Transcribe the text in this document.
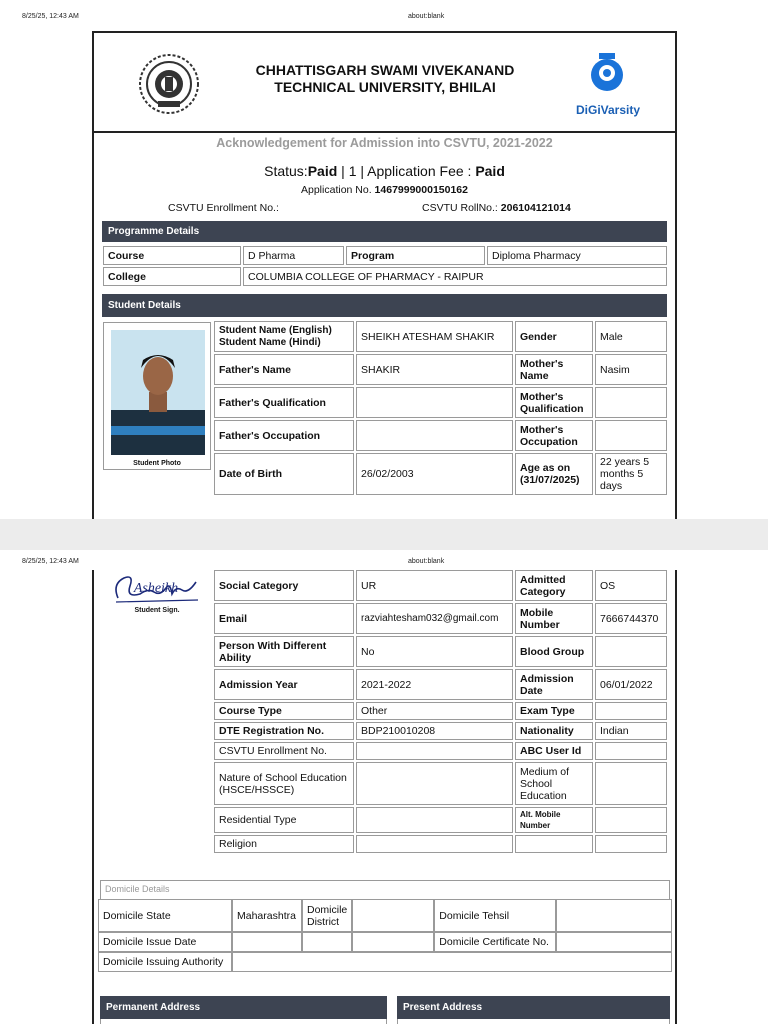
8/25/25, 12:43 AM	about:blank
DiGiVarsity
CHHATTISGARH SWAMI VIVEKANAND
TECHNICAL UNIVERSITY, BHILAI
Acknowledgement for Admission into CSVTU, 2021-2022
Status:Paid | 1 | Application Fee : Paid
Application No. 1467999000150162
CSVTU Enrollment No.:	CSVTU RollNo.: 206104121014
Programme Details
Course	D Pharma	Program	Diploma Pharmacy
College	COLUMBIA COLLEGE OF PHARMACY - RAIPUR		
Student Details
Student Photo
Student Name (English)
Student Name (Hindi)	SHEIKH ATESHAM SHAKIR	Gender	Male
Father's Name	SHAKIR	Mother's Name	Nasim
Father's Qualification		Mother's Qualification	
Father's Occupation		Mother's Occupation	
Date of Birth	26/02/2003	Age as on (31/07/2025)	22 years 5 months 5 days
8/25/25, 12:43 AM	about:blank
Asheikh
Student Sign.
Social Category	UR	Admitted Category	OS
Email	razviahtesham032@gmail.com	Mobile Number	7666744370
Person With Different Ability	No	Blood Group	
Admission Year	2021-2022	Admission Date	06/01/2022
Course Type	Other	Exam Type	
DTE Registration No.	BDP210010208	Nationality	Indian
CSVTU Enrollment No.		ABC User Id	
Nature of School Education (HSCE/HSSCE)		Medium of School Education	
Residential Type		Alt. Mobile Number	
Religion			
Domicile Details
Domicile State	Maharashtra	Domicile District		Domicile Tehsil	
Domicile Issue Date				Domicile Certificate No.	
Domicile Issuing Authority					
Permanent Address	Present Address
